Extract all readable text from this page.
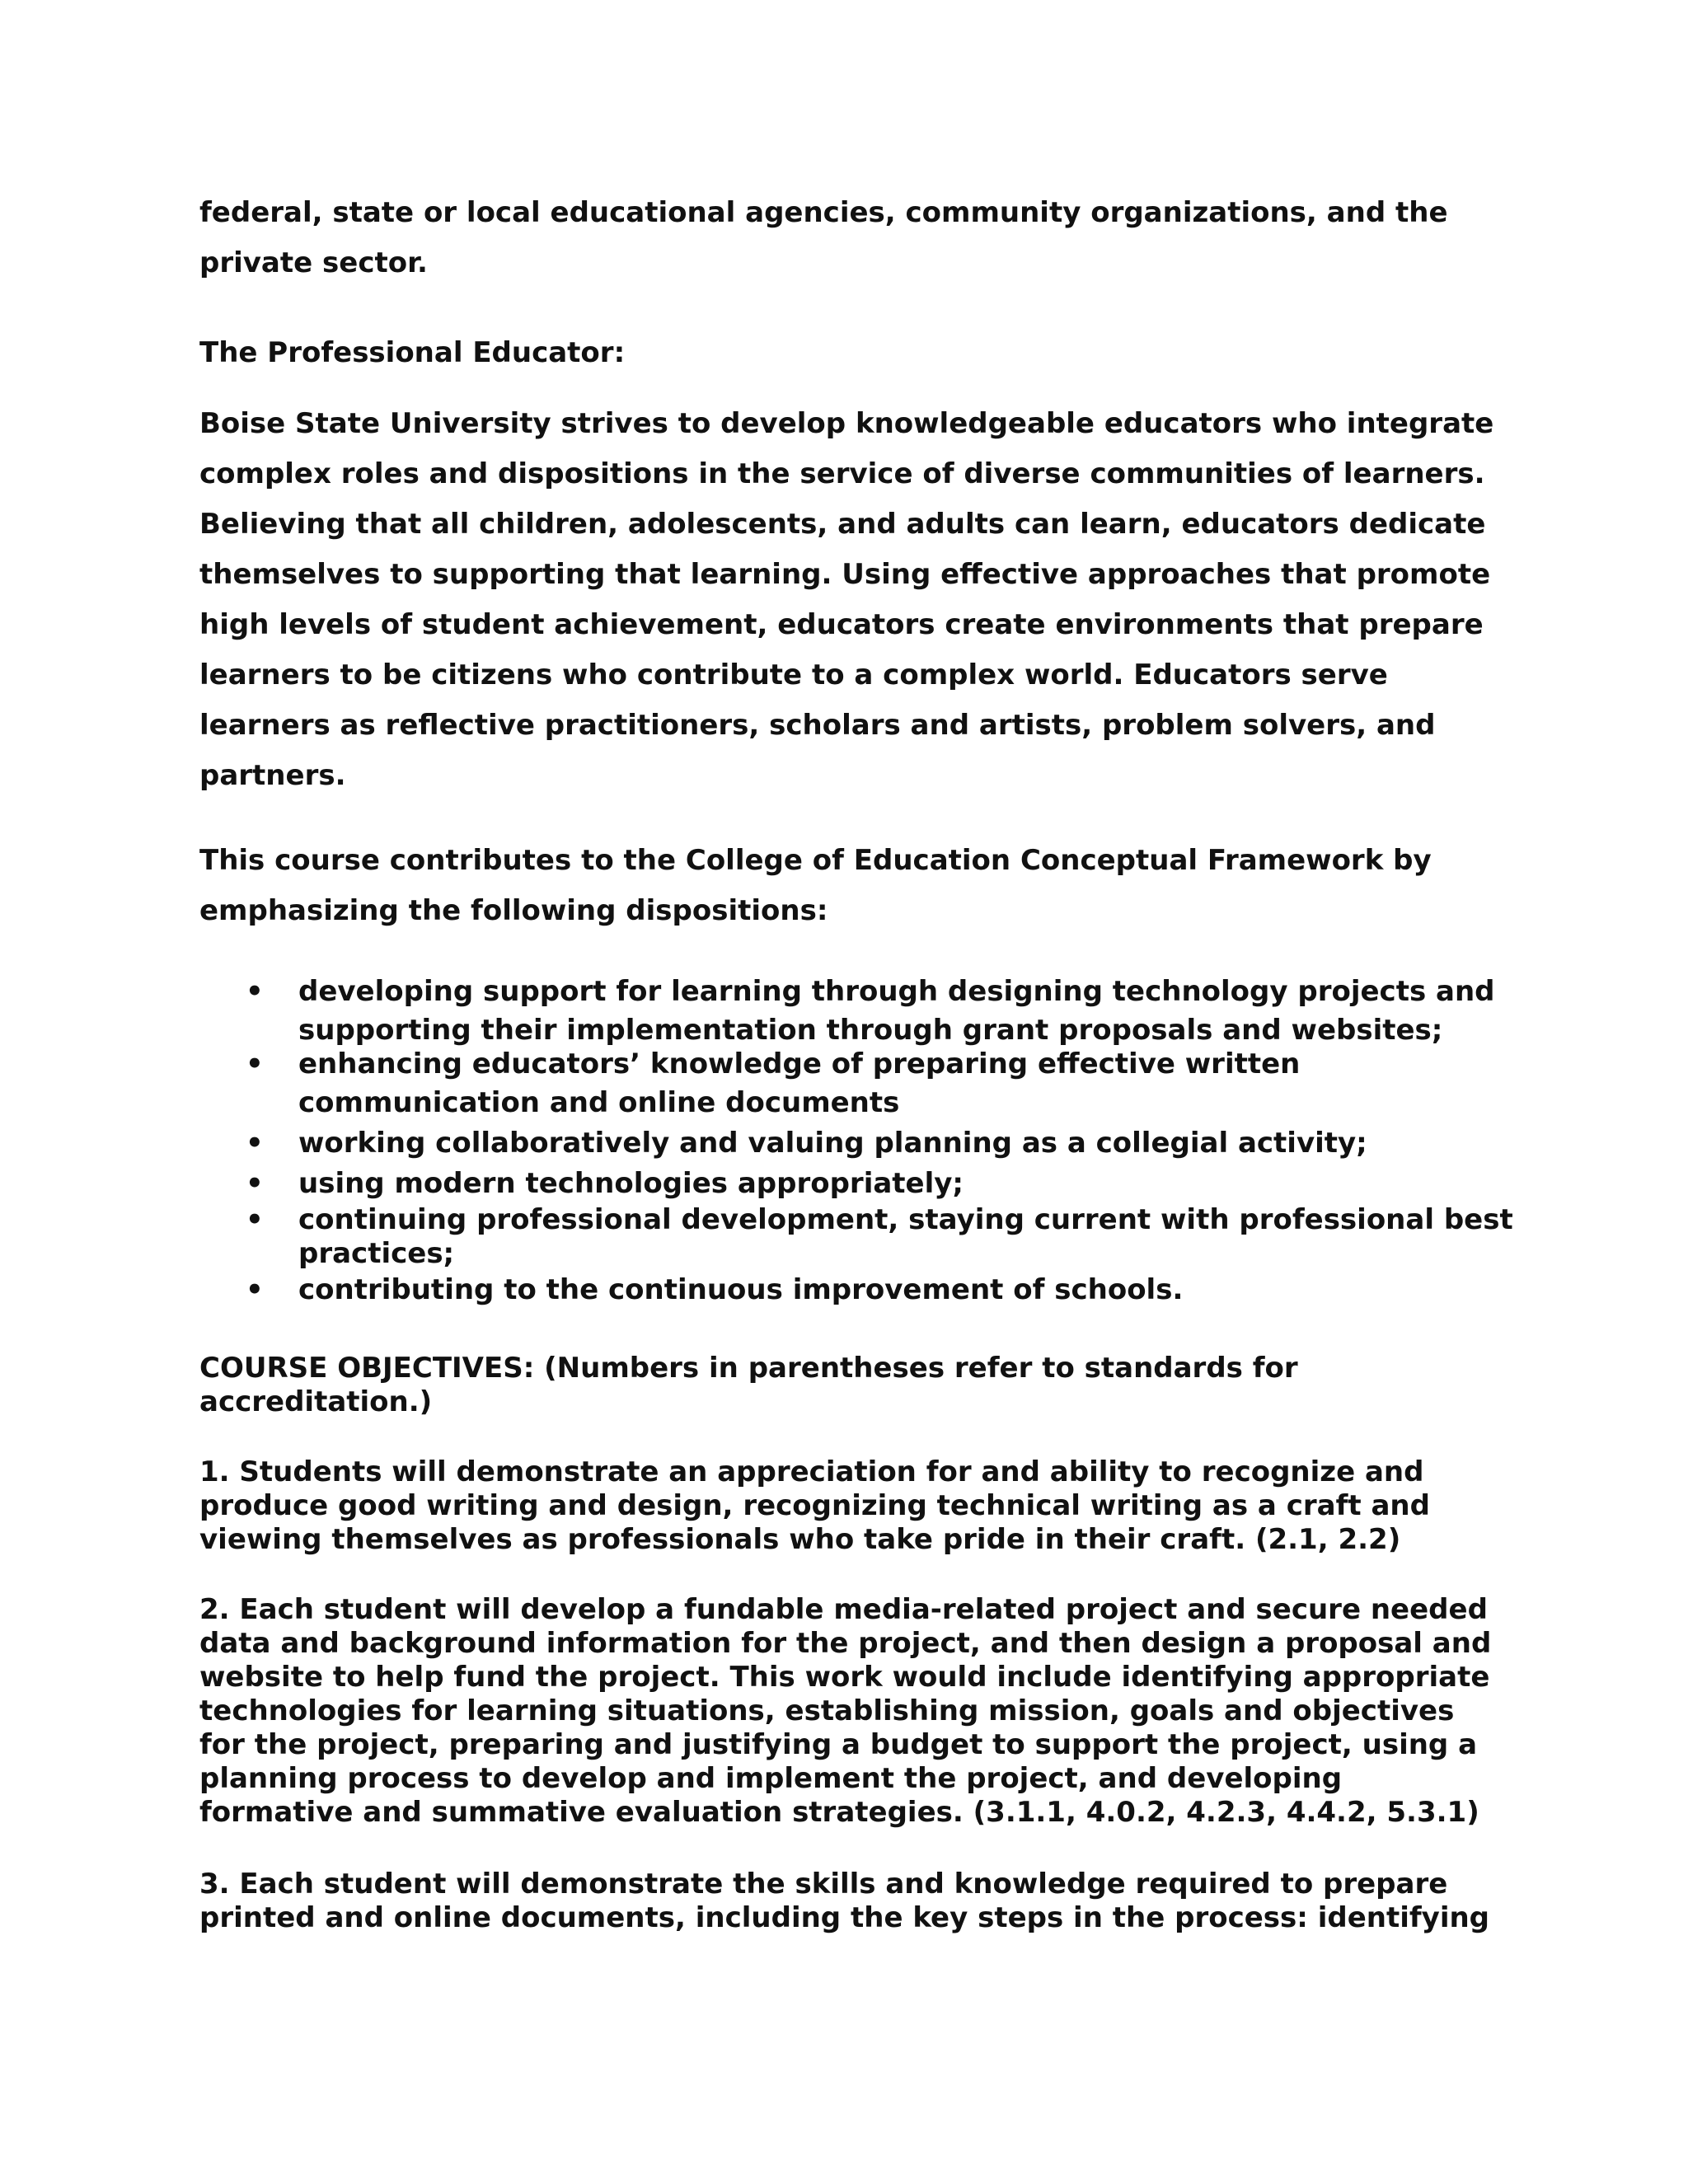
federal, state or local educational agencies, community organizations, and the private sector.

The Professional Educator:

Boise State University strives to develop knowledgeable educators who integrate complex roles and dispositions in the service of diverse communities of learners. Believing that all children, adolescents, and adults can learn, educators dedicate themselves to supporting that learning. Using effective approaches that promote high levels of student achievement, educators create environments that prepare learners to be citizens who contribute to a complex world. Educators serve learners as reflective practitioners, scholars and artists, problem solvers, and partners.

This course contributes to the College of Education Conceptual Framework by emphasizing the following dispositions:

• developing support for learning through designing technology projects and supporting their implementation through grant proposals and websites;
• enhancing educators’ knowledge of preparing effective written communication and online documents
• working collaboratively and valuing planning as a collegial activity;
• using modern technologies appropriately;
• continuing professional development, staying current with professional best practices;
• contributing to the continuous improvement of schools.

COURSE OBJECTIVES: (Numbers in parentheses refer to standards for accreditation.)

1. Students will demonstrate an appreciation for and ability to recognize and produce good writing and design, recognizing technical writing as a craft and viewing themselves as professionals who take pride in their craft. (2.1, 2.2)

2. Each student will develop a fundable media-related project and secure needed data and background information for the project, and then design a proposal and website to help fund the project. This work would include identifying appropriate technologies for learning situations, establishing mission, goals and objectives for the project, preparing and justifying a budget to support the project, using a planning process to develop and implement the project, and developing formative and summative evaluation strategies. (3.1.1, 4.0.2, 4.2.3, 4.4.2, 5.3.1)

3. Each student will demonstrate the skills and knowledge required to prepare printed and online documents, including the key steps in the process: identifying
